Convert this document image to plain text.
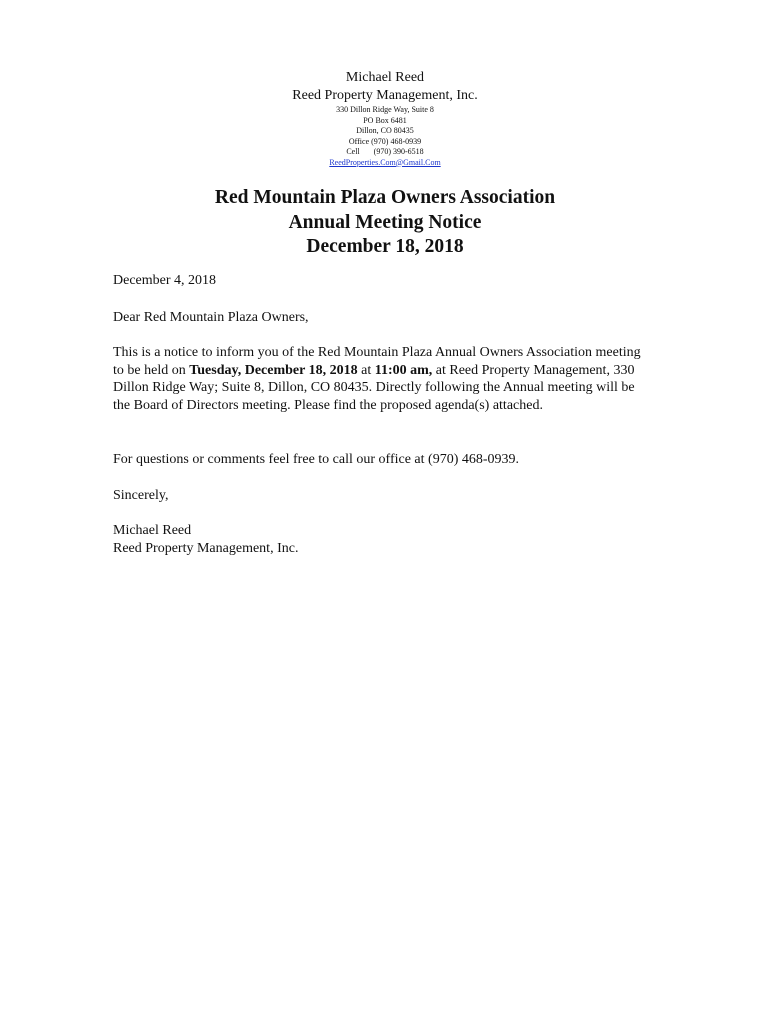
Michael Reed
Reed Property Management, Inc.
330 Dillon Ridge Way, Suite 8
PO Box 6481
Dillon, CO 80435
Office (970) 468-0939
Cell (970) 390-6518
ReedProperties.Com@Gmail.Com
Red Mountain Plaza Owners Association
Annual Meeting Notice
December 18, 2018
December 4, 2018
Dear Red Mountain Plaza Owners,
This is a notice to inform you of the Red Mountain Plaza Annual Owners Association meeting to be held on Tuesday, December 18, 2018 at 11:00 am, at Reed Property Management, 330 Dillon Ridge Way; Suite 8, Dillon, CO 80435. Directly following the Annual meeting will be the Board of Directors meeting. Please find the proposed agenda(s) attached.
For questions or comments feel free to call our office at (970) 468-0939.
Sincerely,
Michael Reed
Reed Property Management, Inc.
